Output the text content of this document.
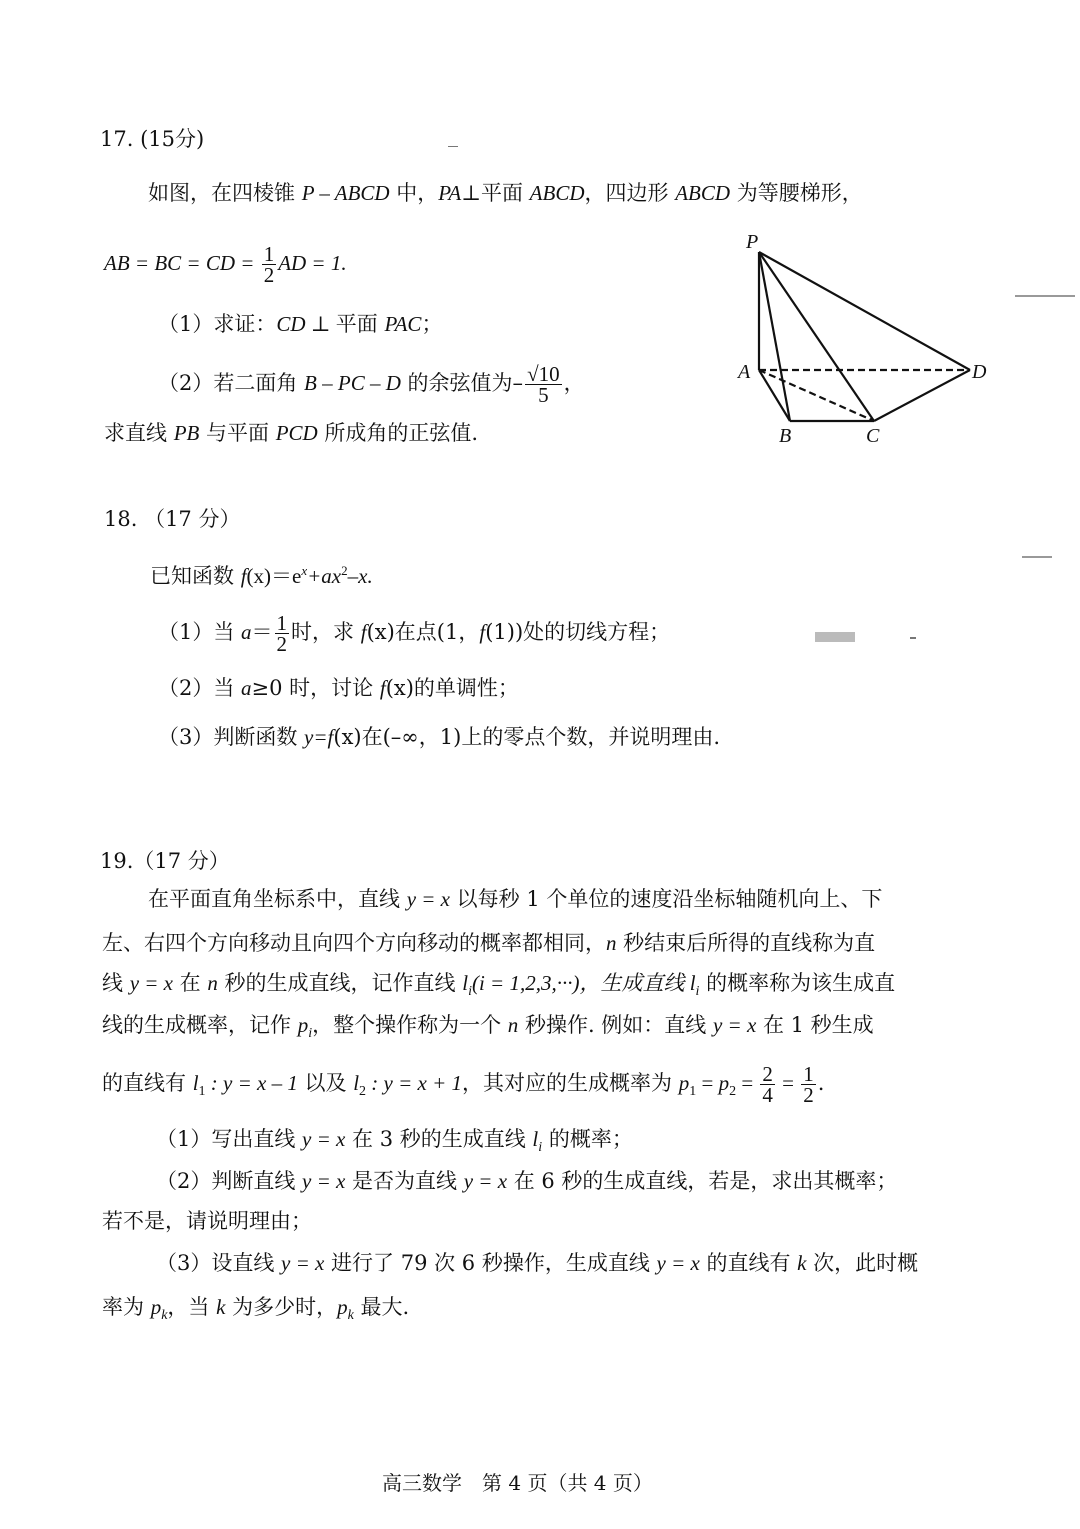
17. (15分)
如图，在四棱锥 P – ABCD 中，PA⊥平面 ABCD，四边形 ABCD 为等腰梯形，
AB = BC = CD = $\frac{1}{2}$ AD = 1.
（1）求证：CD ⊥ 平面 PAC；
（2）若二面角 B – PC – D 的余弦值为– $\frac{√10}{5}$ ，
求直线 PB 与平面 PCD 所成角的正弦值.
P
A
B	C
D
18. （17 分）
已知函数 $f(x)=e^x+ax^2-x$.
（1）当 $a= \frac{1}{2}$ 时，求 f(x)在点(1，f(1))处的切线方程；
（2）当 a≥0 时，讨论 f(x)的单调性；
（3）判断函数 y=f(x)在(–∞，1)上的零点个数，并说明理由.
19.（17 分）
在平面直角坐标系中，直线 y = x 以每秒 1 个单位的速度沿坐标轴随机向上、下
左、右四个方向移动且向四个方向移动的概率都相同，n 秒结束后所得的直线称为直
线 y = x 在 n 秒的生成直线，记作直线 $l_i(i = 1,2,3,\cdot\cdot\cdot)$，生成直线 $l_i$ 的概率称为该生成直
线的生成概率，记作 $p_i$，整个操作称为一个 n 秒操作. 例如：直线 y = x 在 1 秒生成
的直线有 $l_1$ : y = x – 1 以及 $l_2$ : y = x + 1，其对应的生成概率为 $p_1 = p_2 = \frac{2}{4} = \frac{1}{2}$ .
（1）写出直线 y = x 在 3 秒的生成直线 $l_i$ 的概率；
（2）判断直线 y = x 是否为直线 y = x 在 6 秒的生成直线，若是，求出其概率；
若不是，请说明理由；
（3）设直线 y = x 进行了 79 次 6 秒操作，生成直线 y = x 的直线有 k 次，此时概
率为 $p_k$，当 k 为多少时，$p_k$ 最大.
高三数学　第 4 页（共 4 页）
